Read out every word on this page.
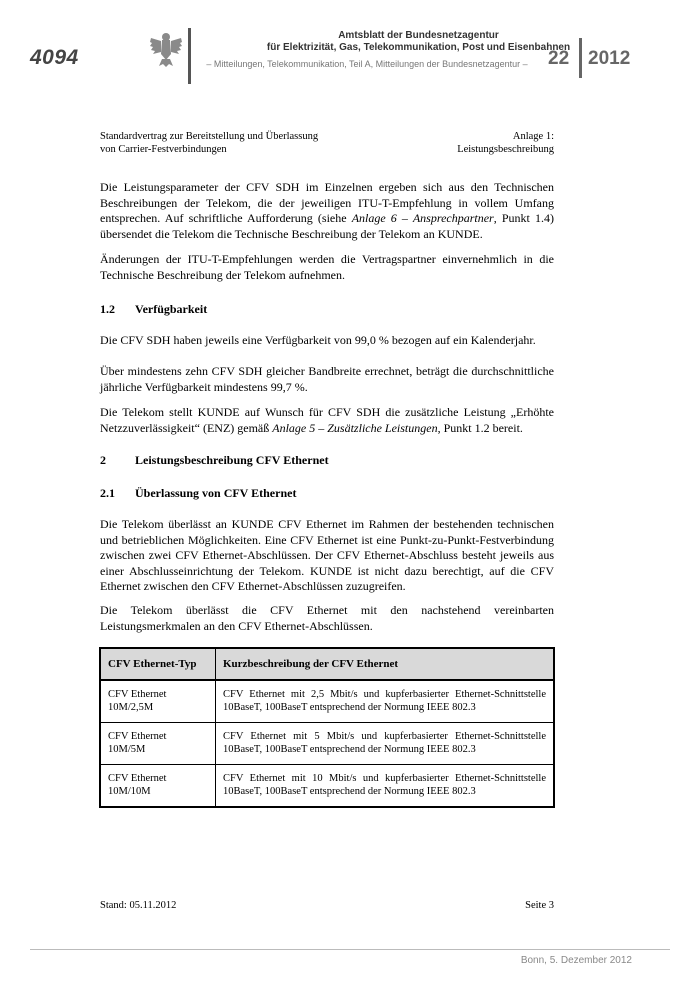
4094
Amtsblatt der Bundesnetzagentur
für Elektrizität, Gas, Telekommunikation, Post und Eisenbahnen
– Mitteilungen, Telekommunikation, Teil A, Mitteilungen der Bundesnetzagentur –	22 2012
Standardvertrag zur Bereitstellung und Überlassung
von Carrier-Festverbindungen
Anlage 1:
Leistungsbeschreibung
Die Leistungsparameter der CFV SDH im Einzelnen ergeben sich aus den Technischen Beschreibungen der Telekom, die der jeweiligen ITU-T-Empfehlung in vollem Umfang entsprechen. Auf schriftliche Aufforderung (siehe Anlage 6 – Ansprechpartner, Punkt 1.4) übersendet die Telekom die Technische Beschreibung der Telekom an KUNDE.
Änderungen der ITU-T-Empfehlungen werden die Vertragspartner einvernehmlich in die Technische Beschreibung der Telekom aufnehmen.
1.2 Verfügbarkeit
Die CFV SDH haben jeweils eine Verfügbarkeit von 99,0 % bezogen auf ein Kalenderjahr.
Über mindestens zehn CFV SDH gleicher Bandbreite errechnet, beträgt die durchschnittliche jährliche Verfügbarkeit mindestens 99,7 %.
Die Telekom stellt KUNDE auf Wunsch für CFV SDH die zusätzliche Leistung „Erhöhte Netzzuverlässigkeit“ (ENZ) gemäß Anlage 5 – Zusätzliche Leistungen, Punkt 1.2 bereit.
2 Leistungsbeschreibung CFV Ethernet
2.1 Überlassung von CFV Ethernet
Die Telekom überlässt an KUNDE CFV Ethernet im Rahmen der bestehenden technischen und betrieblichen Möglichkeiten. Eine CFV Ethernet ist eine Punkt-zu-Punkt-Festverbindung zwischen zwei CFV Ethernet-Abschlüssen. Der CFV Ethernet-Abschluss besteht jeweils aus einer Abschlusseinrichtung der Telekom. KUNDE ist nicht dazu berechtigt, auf die CFV Ethernet zwischen den CFV Ethernet-Abschlüssen zuzugreifen.
Die Telekom überlässt die CFV Ethernet mit den nachstehend vereinbarten Leistungsmerkmalen an den CFV Ethernet-Abschlüssen.
CFV Ethernet-Typ	Kurzbeschreibung der CFV Ethernet

CFV Ethernet
10M/2,5M	CFV Ethernet mit 2,5 Mbit/s und kupferbasierter Ethernet-Schnittstelle 10BaseT, 100BaseT entsprechend der Normung IEEE 802.3

CFV Ethernet
10M/5M	CFV Ethernet mit 5 Mbit/s und kupferbasierter Ethernet-Schnittstelle 10BaseT, 100BaseT entsprechend der Normung IEEE 802.3

CFV Ethernet
10M/10M	CFV Ethernet mit 10 Mbit/s und kupferbasierter Ethernet-Schnittstelle 10BaseT, 100BaseT entsprechend der Normung IEEE 802.3
Stand: 05.11.2012	Seite 3
Bonn, 5. Dezember 2012
